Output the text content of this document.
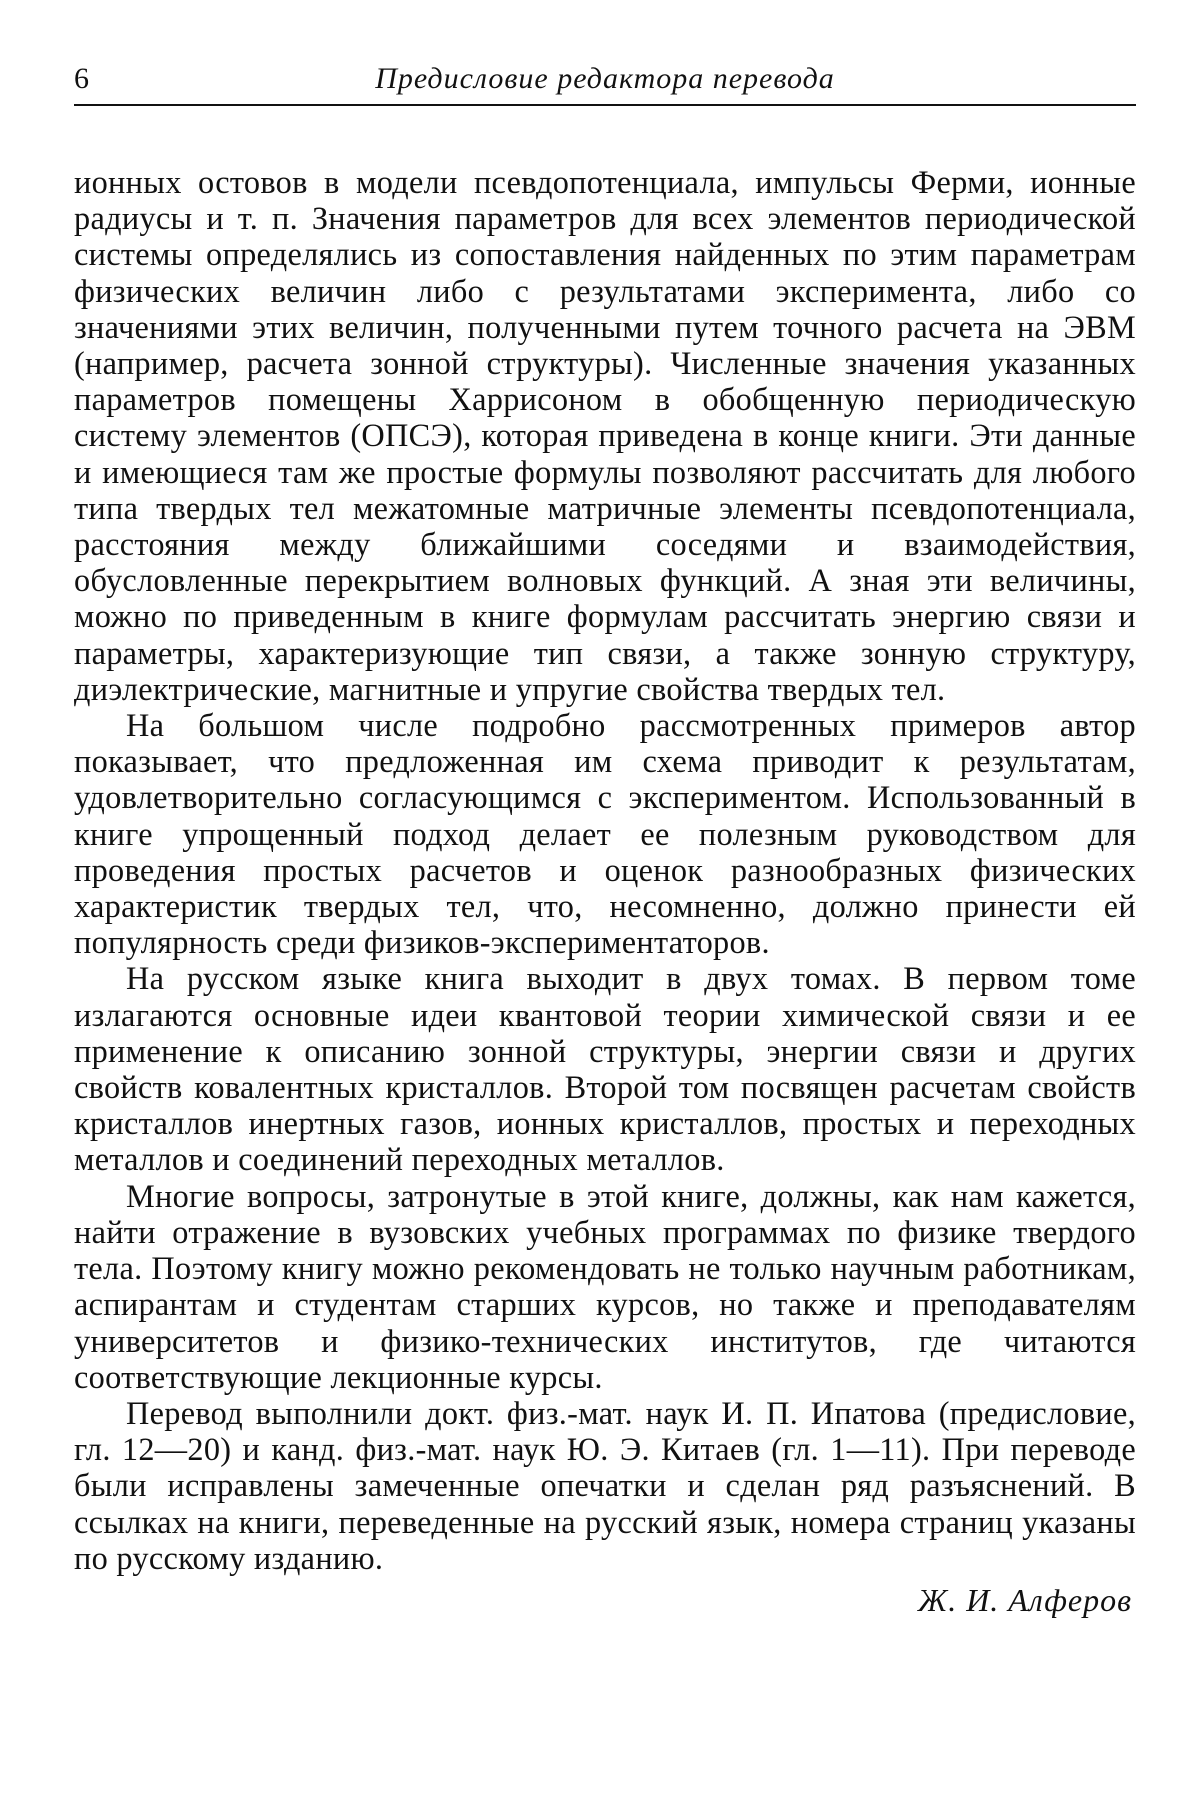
6	Предисловие редактора перевода

ионных остовов в модели псевдопотенциала, импульсы Ферми, ионные радиусы и т. п. Значения параметров для всех элементов периодической системы определялись из сопоставления найденных по этим параметрам физических величин либо с результатами эксперимента, либо со значениями этих величин, полученными путем точного расчета на ЭВМ (например, расчета зонной структуры). Численные значения указанных параметров помещены Харрисоном в обобщенную периодическую систему элементов (ОПСЭ), которая приведена в конце книги. Эти данные и имеющиеся там же простые формулы позволяют рассчитать для любого типа твердых тел межатомные матричные элементы псевдопотенциала, расстояния между ближайшими соседями и взаимодействия, обусловленные перекрытием волновых функций. А зная эти величины, можно по приведенным в книге формулам рассчитать энергию связи и параметры, характеризующие тип связи, а также зонную структуру, диэлектрические, магнитные и упругие свойства твердых тел.

На большом числе подробно рассмотренных примеров автор показывает, что предложенная им схема приводит к результатам, удовлетворительно согласующимся с экспериментом. Использованный в книге упрощенный подход делает ее полезным руководством для проведения простых расчетов и оценок разнообразных физических характеристик твердых тел, что, несомненно, должно принести ей популярность среди физиков-экспериментаторов.

На русском языке книга выходит в двух томах. В первом томе излагаются основные идеи квантовой теории химической связи и ее применение к описанию зонной структуры, энергии связи и других свойств ковалентных кристаллов. Второй том посвящен расчетам свойств кристаллов инертных газов, ионных кристаллов, простых и переходных металлов и соединений переходных металлов.

Многие вопросы, затронутые в этой книге, должны, как нам кажется, найти отражение в вузовских учебных программах по физике твердого тела. Поэтому книгу можно рекомендовать не только научным работникам, аспирантам и студентам старших курсов, но также и преподавателям университетов и физико-технических институтов, где читаются соответствующие лекционные курсы.

Перевод выполнили докт. физ.-мат. наук И. П. Ипатова (предисловие, гл. 12—20) и канд. физ.-мат. наук Ю. Э. Китаев (гл. 1—11). При переводе были исправлены замеченные опечатки и сделан ряд разъяснений. В ссылках на книги, переведенные на русский язык, номера страниц указаны по русскому изданию.

Ж. И. Алферов
